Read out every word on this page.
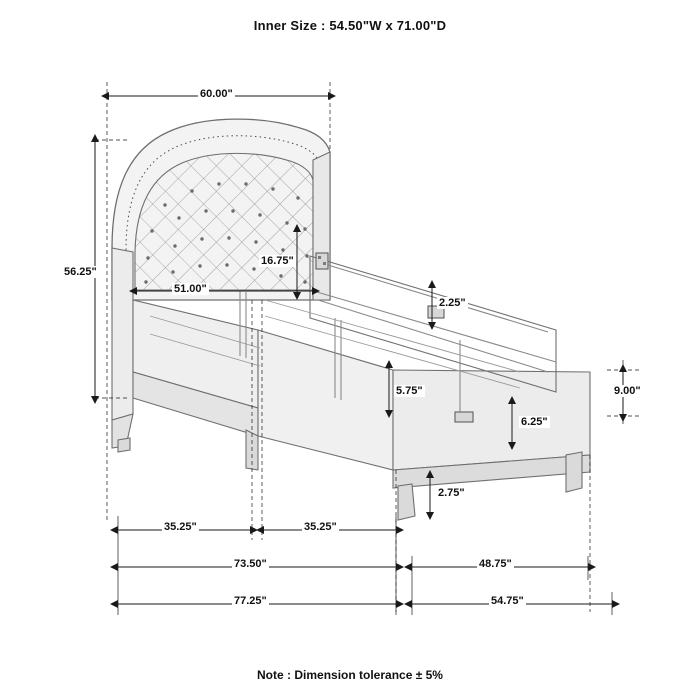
Inner Size : 54.50"W x 71.00"D
60.00"
56.25"
51.00"
16.75"
2.25"
5.75"
6.25"
9.00"
2.75"
35.25"	35.25"
73.50"	48.75"
77.25"	54.75"
Note : Dimension tolerance ± 5%
